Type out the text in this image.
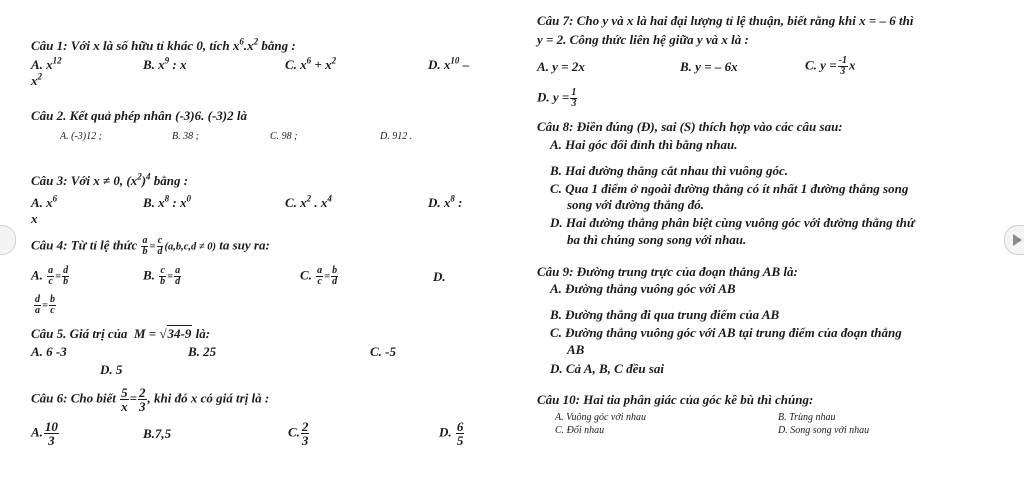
Câu 1: Với x là số hữu tỉ khác 0, tích $x^6.x^2$ bằng :
A. $x^{12}$	B. $x^9$ : x	C. $x^6 + x^2$	D. $x^{10}$ –
$x^2$
Câu 2. Kết quả phép nhân (-3)6. (-3)2 là
A. (-3)12 ;	B. 38 ;	C. 98 ;	D. 912 .
Câu 3: Với x ≠ 0, $(x^2)^4$ bằng :
A. $x^6$	B. $x^8$ : $x^0$	C. $x^2$ . $x^4$	D. $x^8$ :
x
Câu 4: Từ tỉ lệ thức $\frac{a}{b} = \frac{c}{d} (a,b,c,d \ne 0)$ ta suy ra:
A. $\frac{a}{c} = \frac{d}{b}$	B. $\frac{c}{b} = \frac{a}{d}$	C. $\frac{a}{c} = \frac{b}{d}$	D.
$\frac{d}{a} = \frac{b}{c}$
Câu 5. Giá trị của M = √34-9 là:
A. 6 -3	B. 25	C. -5
D. 5
Câu 6: Cho biết $\frac{5}{x} = \frac{2}{3}$ , khi đó x có giá trị là :
A. $\frac{10}{3}$	B.7,5	C. $\frac{2}{3}$	D. $\frac{6}{5}$
Câu 7: Cho y và x là hai đại lượng tỉ lệ thuận, biết rằng khi x = – 6 thì
y = 2. Công thức liên hệ giữa y và x là :
A. y = 2x	B. y = – 6x	C. $y = \frac{-1}{3}$ x
D. $y = \frac{1}{3}$
Câu 8: Điền đúng (Đ), sai (S) thích hợp vào các câu sau:
A. Hai góc đối đỉnh thì bằng nhau.
B. Hai đường thẳng cắt nhau thì vuông góc.
C. Qua 1 điểm ở ngoài đường thẳng có ít nhất 1 đường thẳng song
song với đường thẳng đó.
D. Hai đường thẳng phân biệt cùng vuông góc với đường thẳng thứ
ba thì chúng song song với nhau.
Câu 9: Đường trung trực của đoạn thẳng AB là:
A. Đường thẳng vuông góc với AB
B. Đường thẳng đi qua trung điểm của AB
C. Đường thẳng vuông góc với AB tại trung điểm của đoạn thẳng
AB
D. Cả A, B, C đều sai
Câu 10: Hai tia phân giác của góc kề bù thì chúng:
A. Vuông góc với nhau	B. Trùng nhau
C. Đối nhau	D. Song song với nhau
